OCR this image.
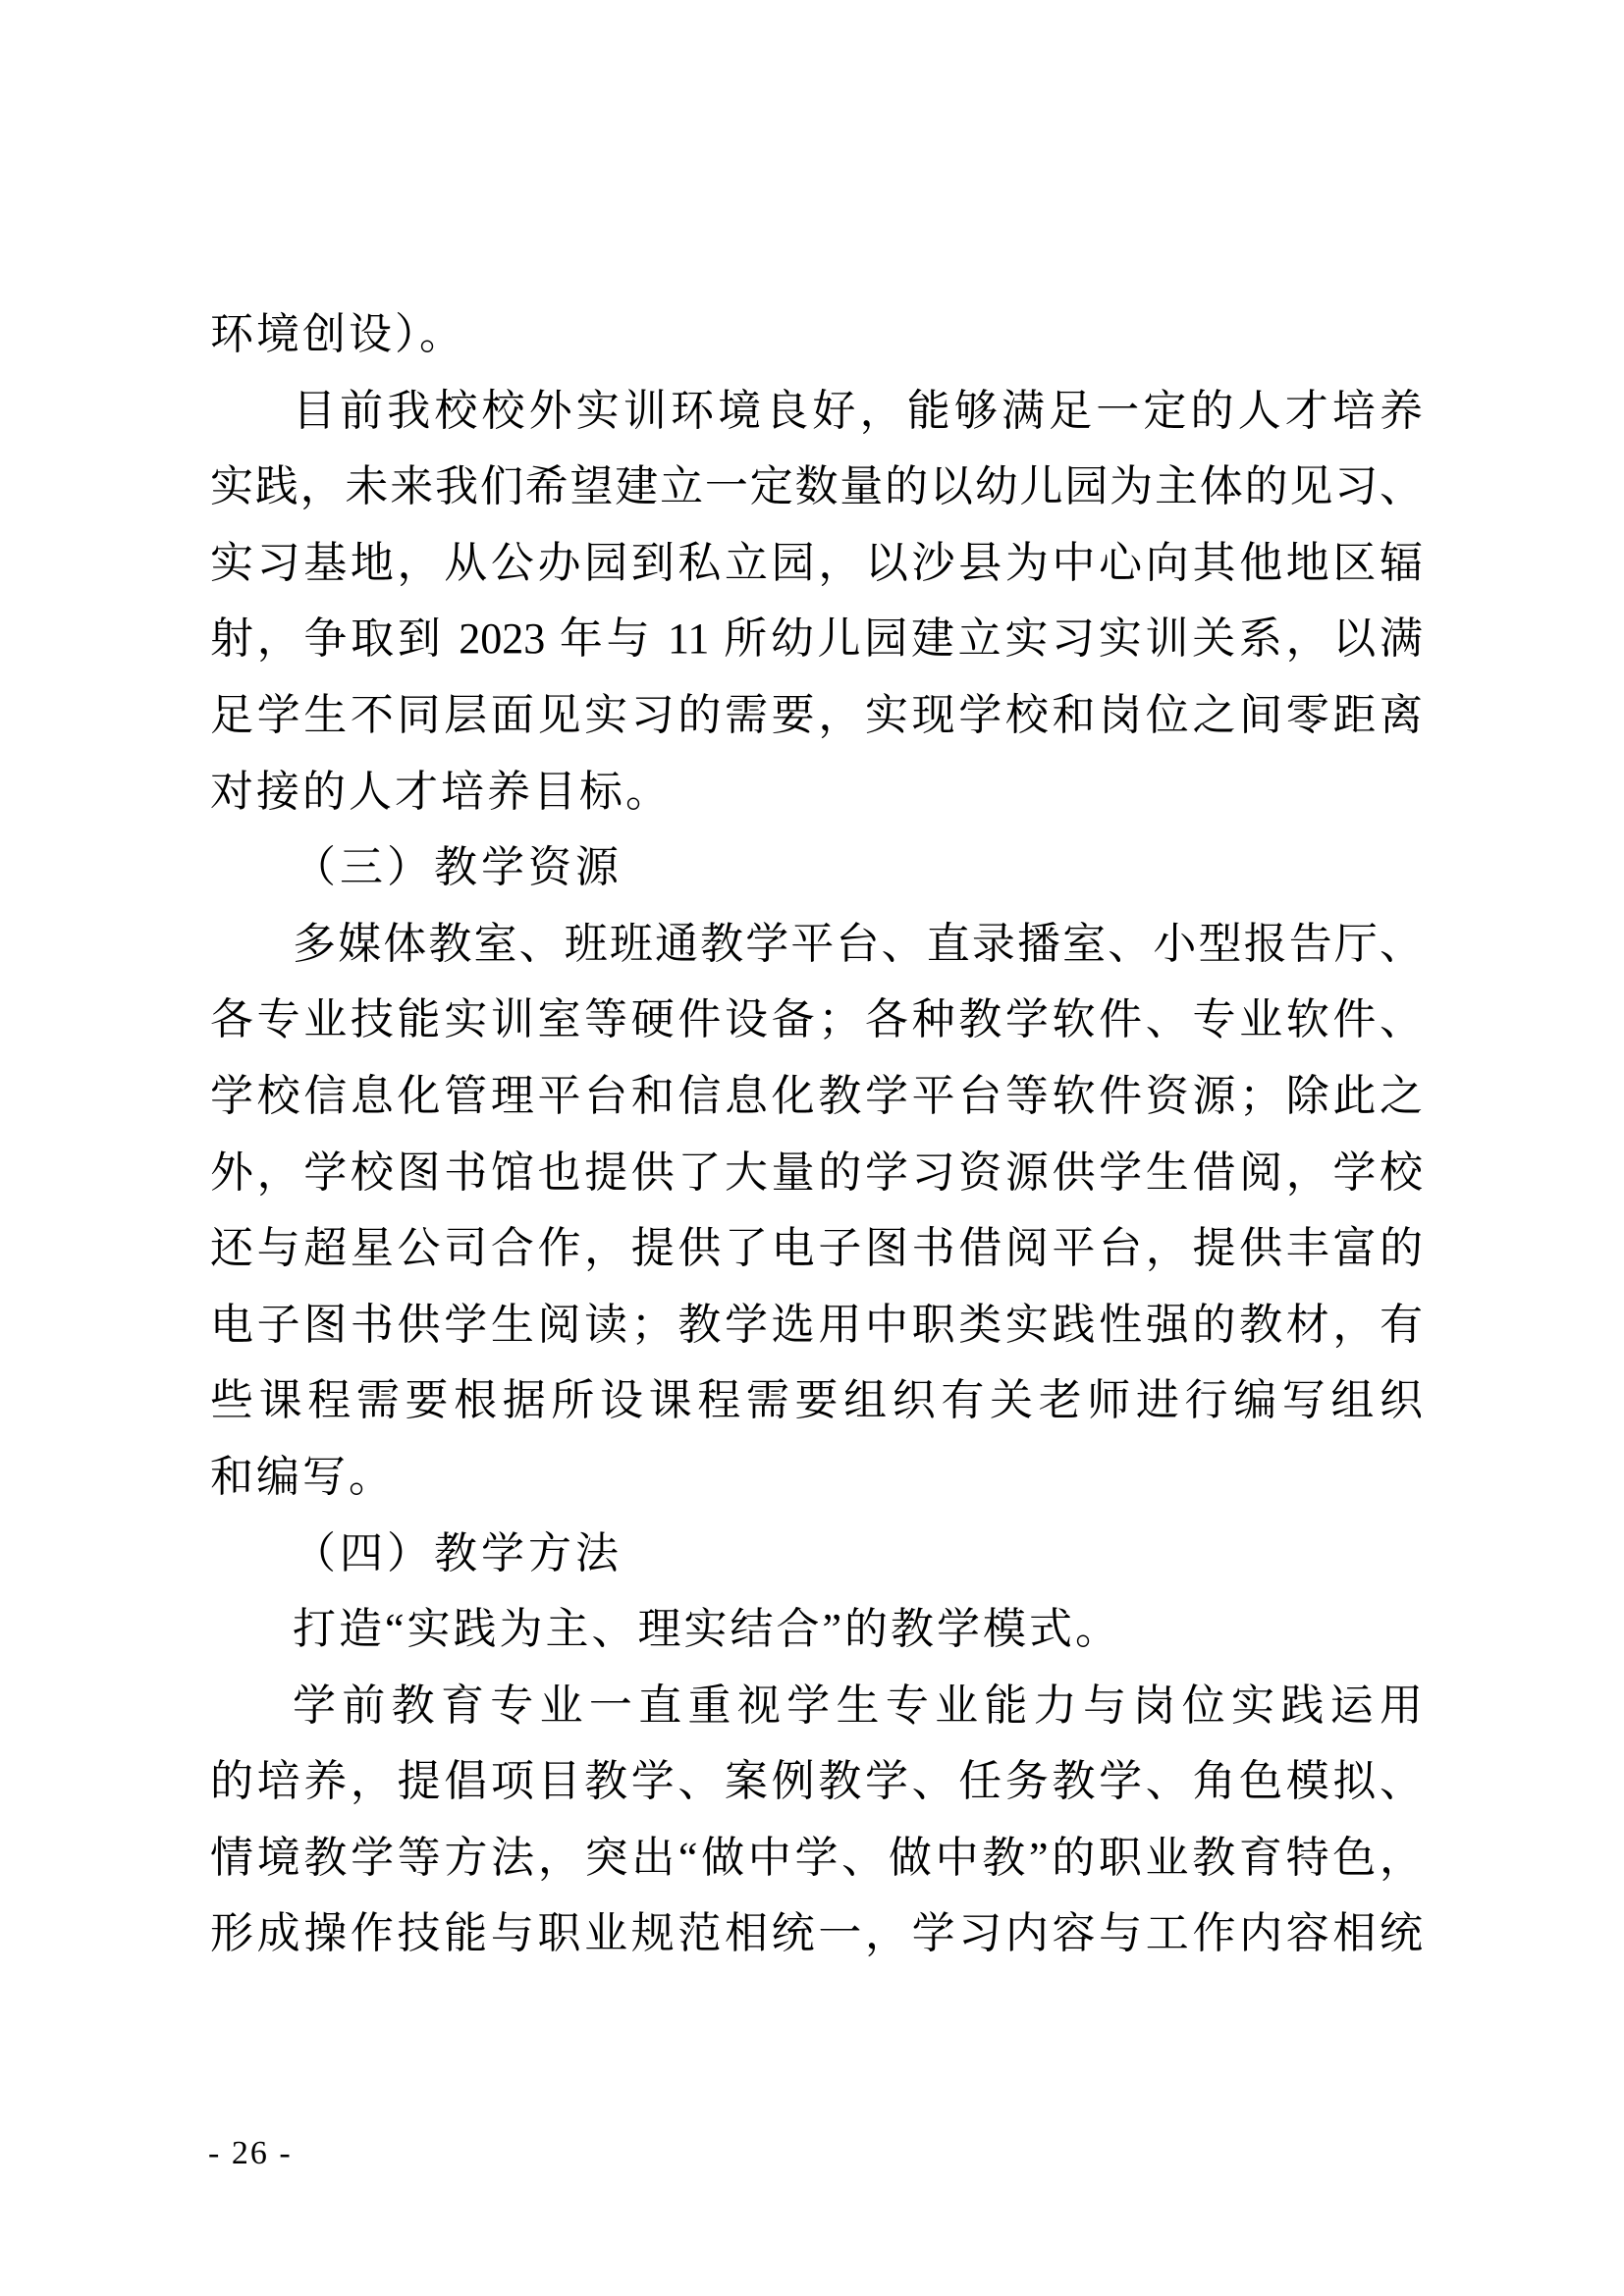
环境创设）。
目前我校校外实训环境良好，能够满足一定的人才培养
实践，未来我们希望建立一定数量的以幼儿园为主体的见习、
实习基地，从公办园到私立园，以沙县为中心向其他地区辐
射，争取到 2023 年与 11 所幼儿园建立实习实训关系，以满
足学生不同层面见实习的需要，实现学校和岗位之间零距离
对接的人才培养目标。
（三）教学资源
多媒体教室、班班通教学平台、直录播室、小型报告厅、
各专业技能实训室等硬件设备；各种教学软件、专业软件、
学校信息化管理平台和信息化教学平台等软件资源；除此之
外，学校图书馆也提供了大量的学习资源供学生借阅，学校
还与超星公司合作，提供了电子图书借阅平台，提供丰富的
电子图书供学生阅读；教学选用中职类实践性强的教材，有
些课程需要根据所设课程需要组织有关老师进行编写组织
和编写。
（四）教学方法
打造“实践为主、理实结合”的教学模式。
学前教育专业一直重视学生专业能力与岗位实践运用
的培养，提倡项目教学、案例教学、任务教学、角色模拟、
情境教学等方法，突出“做中学、做中教”的职业教育特色，
形成操作技能与职业规范相统一，学习内容与工作内容相统
- 26 -
